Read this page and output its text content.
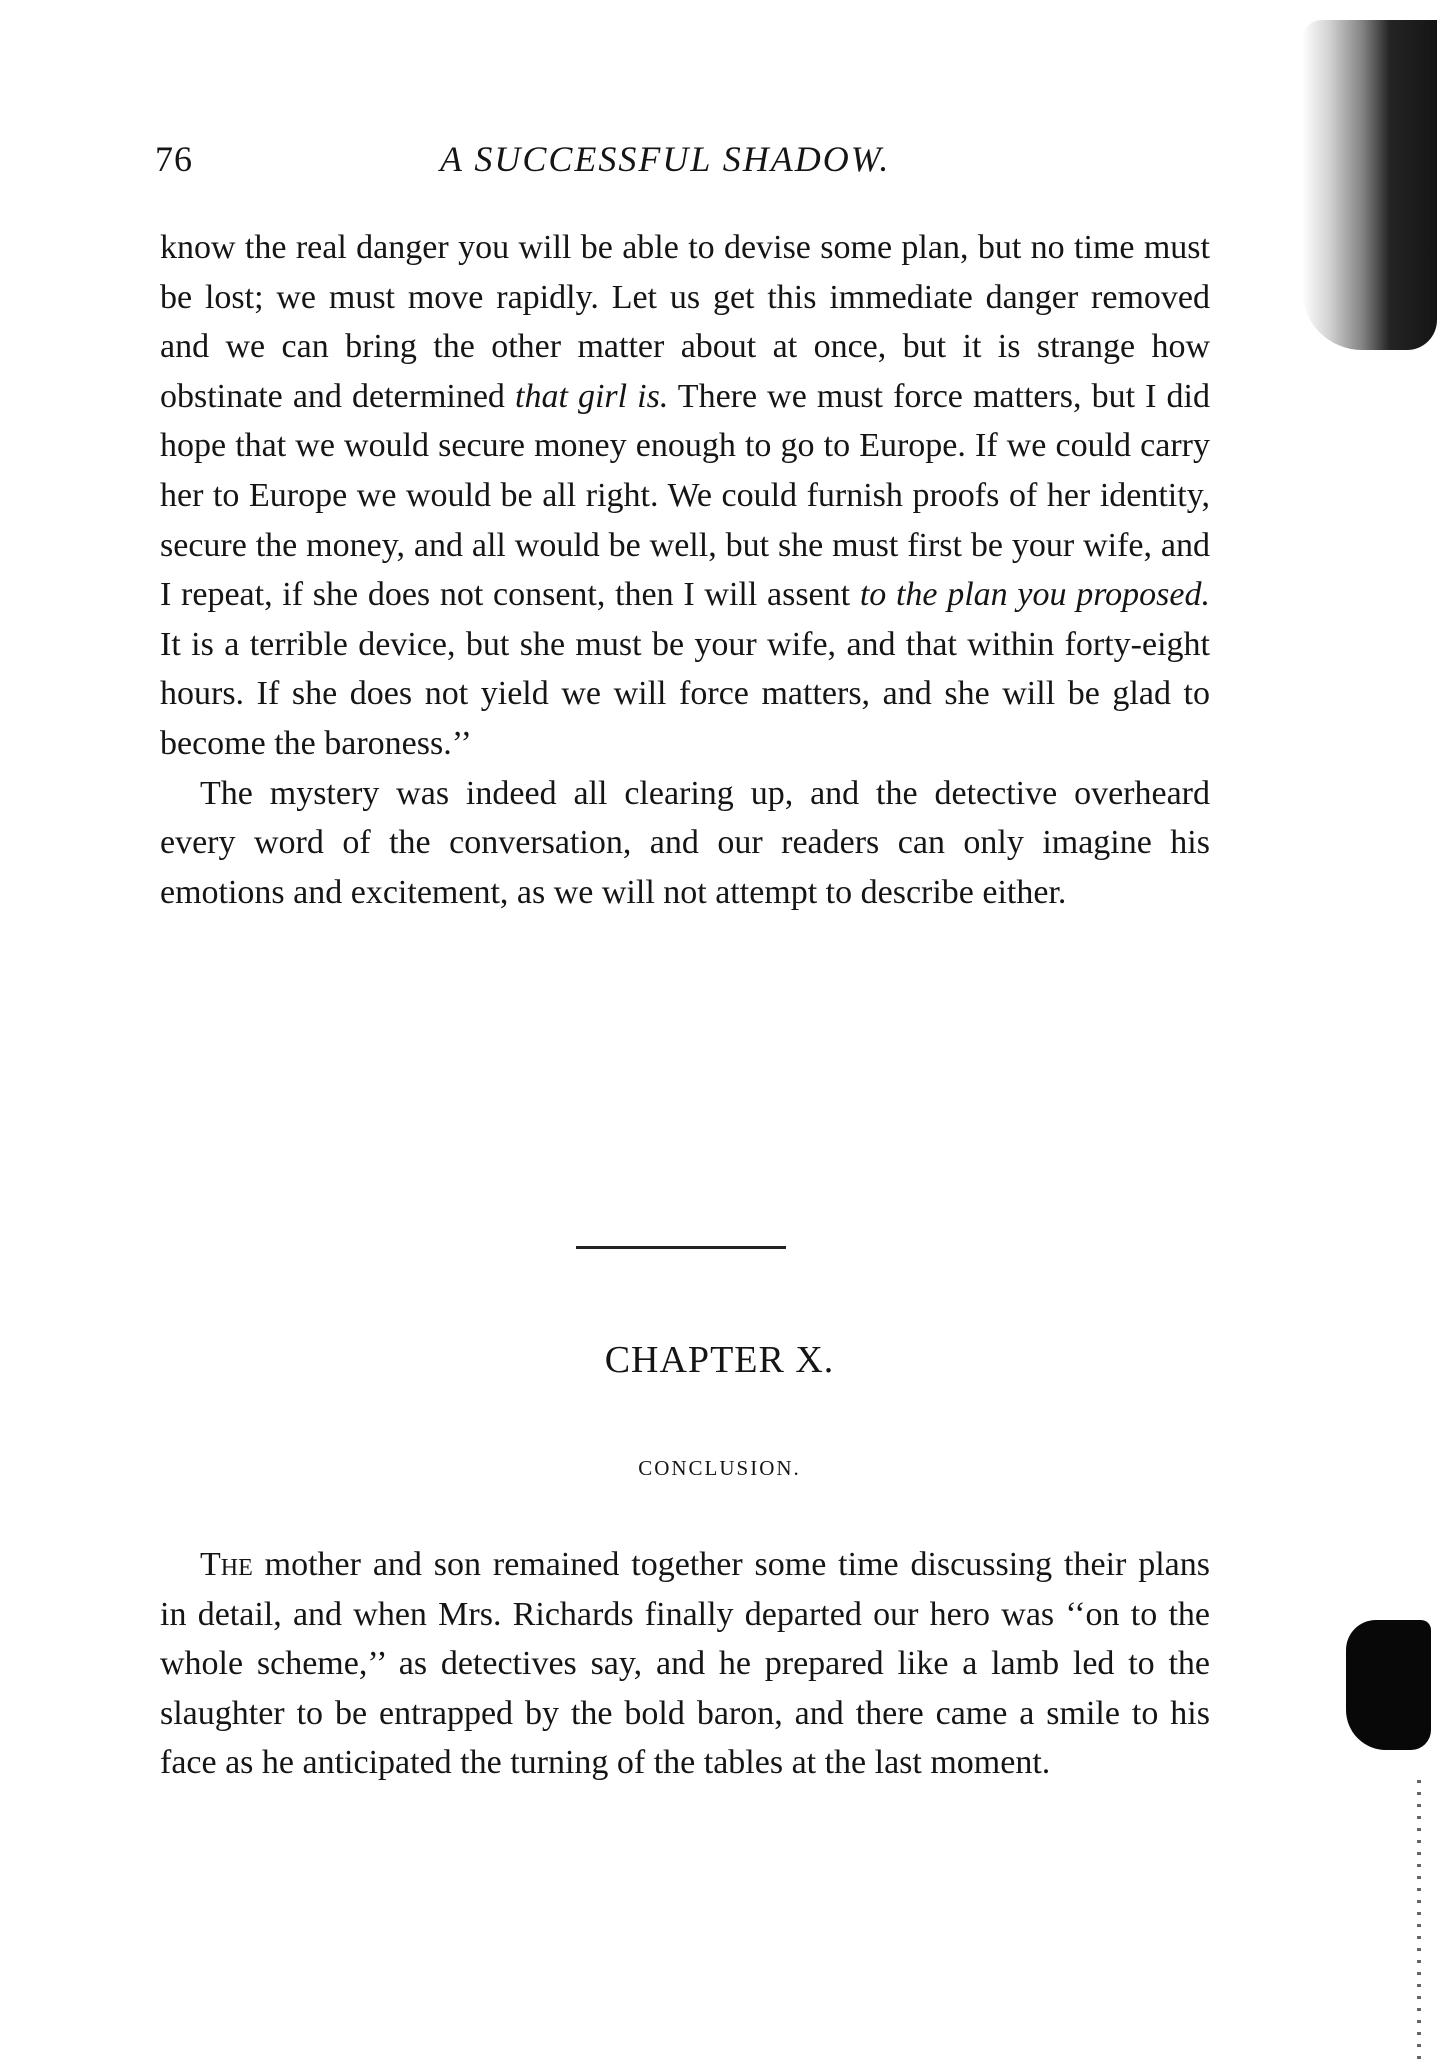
76	A SUCCESSFUL SHADOW.

know the real danger you will be able to devise some plan, but no time must be lost; we must move rapidly. Let us get this immediate danger removed and we can bring the other matter about at once, but it is strange how obstinate and determined that girl is. There we must force matters, but I did hope that we would secure money enough to go to Europe. If we could carry her to Europe we would be all right. We could furnish proofs of her identity, secure the money, and all would be well, but she must first be your wife, and I repeat, if she does not consent, then I will assent to the plan you proposed. It is a terrible device, but she must be your wife, and that within forty-eight hours. If she does not yield we will force matters, and she will be glad to become the baroness.’’

The mystery was indeed all clearing up, and the detective overheard every word of the conversation, and our readers can only imagine his emotions and excitement, as we will not attempt to describe either.

CHAPTER X.
CONCLUSION.

The mother and son remained together some time discussing their plans in detail, and when Mrs. Richards finally departed our hero was ‘‘on to the whole scheme,’’ as detectives say, and he prepared like a lamb led to the slaughter to be entrapped by the bold baron, and there came a smile to his face as he anticipated the turning of the tables at the last moment.
